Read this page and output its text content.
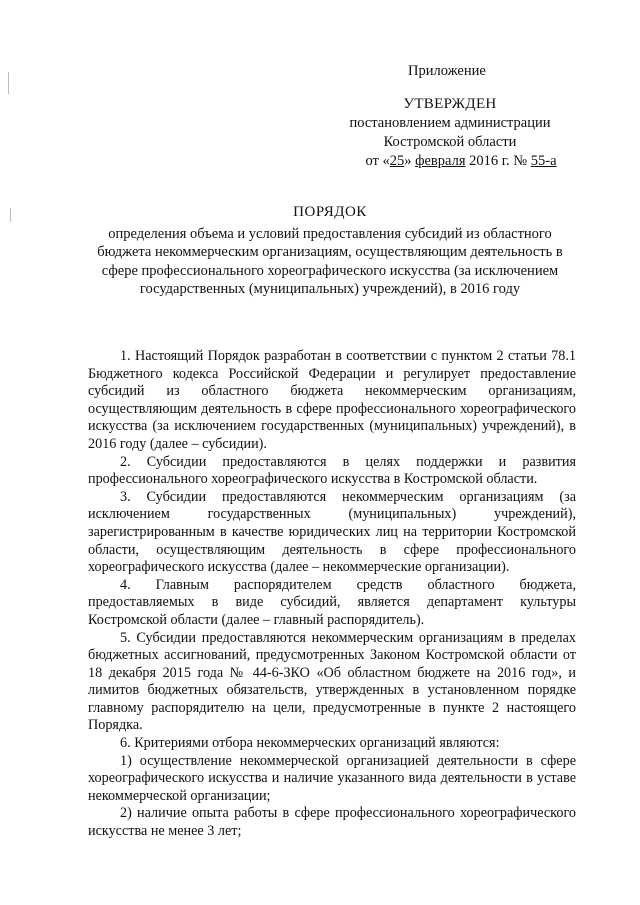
Приложение
УТВЕРЖДЕН
постановлением администрации
Костромской области
от «25» февраля 2016 г. № 55-а
ПОРЯДОК
определения объема и условий предоставления субсидий из областного бюджета некоммерческим организациям, осуществляющим деятельность в сфере профессионального хореографического искусства (за исключением государственных (муниципальных) учреждений), в 2016 году

1. Настоящий Порядок разработан в соответствии с пунктом 2 статьи 78.1 Бюджетного кодекса Российской Федерации и регулирует предоставление субсидий из областного бюджета некоммерческим организациям, осуществляющим деятельность в сфере профессионального хореографического искусства (за исключением государственных (муниципальных) учреждений), в 2016 году (далее – субсидии).

2. Субсидии предоставляются в целях поддержки и развития профессионального хореографического искусства в Костромской области.

3. Субсидии предоставляются некоммерческим организациям (за исключением государственных (муниципальных) учреждений), зарегистрированным в качестве юридических лиц на территории Костромской области, осуществляющим деятельность в сфере профессионального хореографического искусства (далее – некоммерческие организации).

4. Главным распорядителем средств областного бюджета, предоставляемых в виде субсидий, является департамент культуры Костромской области (далее – главный распорядитель).

5. Субсидии предоставляются некоммерческим организациям в пределах бюджетных ассигнований, предусмотренных Законом Костромской области от 18 декабря 2015 года № 44-6-ЗКО «Об областном бюджете на 2016 год», и лимитов бюджетных обязательств, утвержденных в установленном порядке главному распорядителю на цели, предусмотренные в пункте 2 настоящего Порядка.

6. Критериями отбора некоммерческих организаций являются:

1) осуществление некоммерческой организацией деятельности в сфере хореографического искусства и наличие указанного вида деятельности в уставе некоммерческой организации;

2) наличие опыта работы в сфере профессионального хореографического искусства не менее 3 лет;
